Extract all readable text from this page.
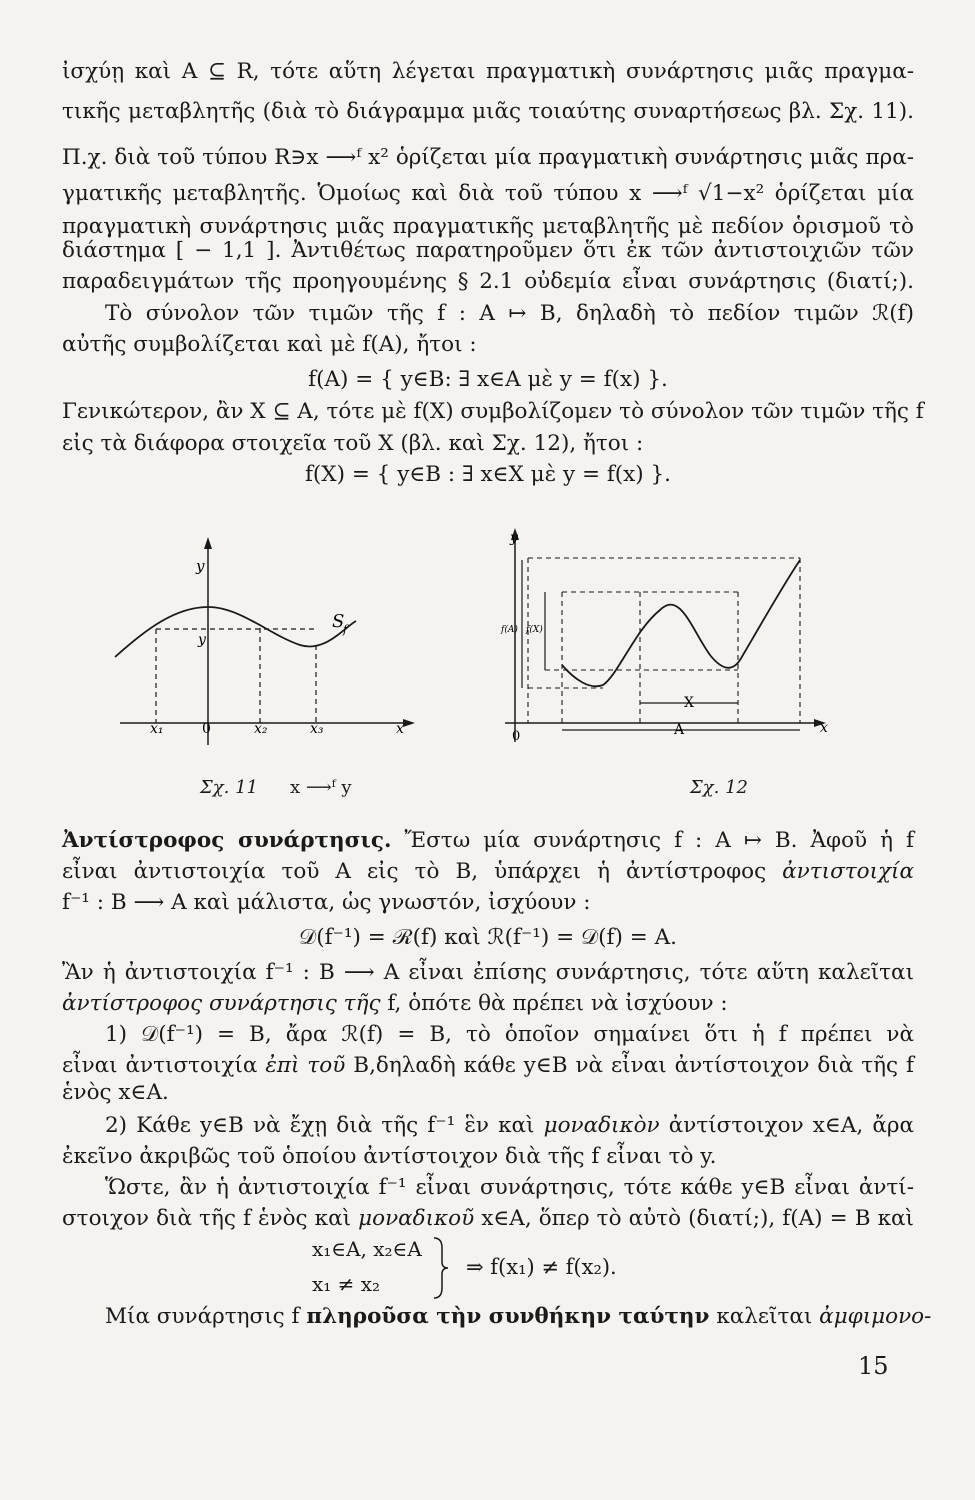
ἰσχύῃ καὶ A ⊆ R, τότε αὕτη λέγεται πραγματικὴ συνάρτησις μιᾶς πραγμα-
τικῆς μεταβλητῆς (διὰ τὸ διάγραμμα μιᾶς τοιαύτης συναρτήσεως βλ. Σχ. 11).
Π.χ. διὰ τοῦ τύπου R∋x ⟶ᶠ x² ὁρίζεται μία πραγματικὴ συνάρτησις μιᾶς πρα-
γματικῆς μεταβλητῆς. Ὁμοίως καὶ διὰ τοῦ τύπου x ⟶ᶠ √1−x² ὁρίζεται μία
πραγματικὴ συνάρτησις μιᾶς πραγματικῆς μεταβλητῆς μὲ πεδίον ὁρισμοῦ τὸ
διάστημα [ − 1,1 ]. Ἀντιθέτως παρατηροῦμεν ὅτι ἐκ τῶν ἀντιστοιχιῶν τῶν
παραδειγμάτων τῆς προηγουμένης § 2.1 οὐδεμία εἶναι συνάρτησις (διατί;).
Τὸ σύνολον τῶν τιμῶν τῆς f : A ↦ B, δηλαδὴ τὸ πεδίον τιμῶν ℛ(f)
αὐτῆς συμβολίζεται καὶ μὲ f(A), ἤτοι :
f(A) = { y∈B: ∃ x∈A μὲ y = f(x) }.
Γενικώτερον, ἂν X ⊆ A, τότε μὲ f(X) συμβολίζομεν τὸ σύνολον τῶν τιμῶν τῆς f
εἰς τὰ διάφορα στοιχεῖα τοῦ X (βλ. καὶ Σχ. 12), ἤτοι :
f(X) = { y∈B : ∃ x∈X μὲ y = f(x) }.
y
y
S
f
x₁	0	x₂	x₃	x
Σχ. 11 x ⟶ᶠ y
y
f(A) f(X)
X
A
0
x
Σχ. 12
Ἀντίστροφος συνάρτησις. Ἔστω μία συνάρτησις f : A ↦ B. Ἀφοῦ ἡ f
εἶναι ἀντιστοιχία τοῦ A εἰς τὸ B, ὑπάρχει ἡ ἀντίστροφος ἀντιστοιχία
f⁻¹ : B ⟶ A καὶ μάλιστα, ὡς γνωστόν, ἰσχύουν :
𝒟(f⁻¹) = ℛ(f) καὶ ℛ(f⁻¹) = 𝒟(f) = A.
Ἂν ἡ ἀντιστοιχία f⁻¹ : B ⟶ A εἶναι ἐπίσης συνάρτησις, τότε αὕτη καλεῖται
ἀντίστροφος συνάρτησις τῆς f, ὁπότε θὰ πρέπει νὰ ἰσχύουν :
1) 𝒟(f⁻¹) = B, ἄρα ℛ(f) = B, τὸ ὁποῖον σημαίνει ὅτι ἡ f πρέπει νὰ
εἶναι ἀντιστοιχία ἐπὶ τοῦ B,δηλαδὴ κάθε y∈B νὰ εἶναι ἀντίστοιχον διὰ τῆς f
ἑνὸς x∈A.
2) Κάθε y∈B νὰ ἔχῃ διὰ τῆς f⁻¹ ἓν καὶ μοναδικὸν ἀντίστοιχον x∈A, ἄρα
ἐκεῖνο ἀκριβῶς τοῦ ὁποίου ἀντίστοιχον διὰ τῆς f εἶναι τὸ y.
Ὥστε, ἂν ἡ ἀντιστοιχία f⁻¹ εἶναι συνάρτησις, τότε κάθε y∈B εἶναι ἀντί-
στοιχον διὰ τῆς f ἑνὸς καὶ μοναδικοῦ x∈A, ὅπερ τὸ αὐτὸ (διατί;), f(A) = B καὶ
x₁∈A, x₂∈A
x₁ ≠ x₂
⇒ f(x₁) ≠ f(x₂).
Μία συνάρτησις f πληροῦσα τὴν συνθήκην ταύτην καλεῖται ἀμφιμονο-
15
